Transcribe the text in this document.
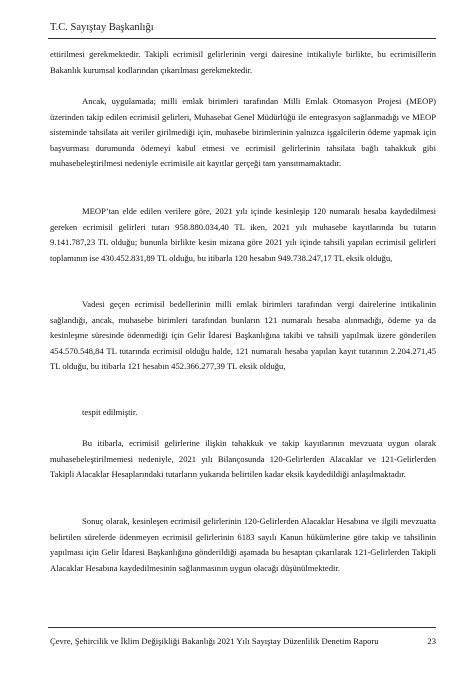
T.C. Sayıştay Başkanlığı

ettirilmesi gerekmektedir. Takipli ecrimisil gelirlerinin vergi dairesine intikaliyle birlikte, bu ecrimisillerin Bakanlık kurumsal kodlarından çıkarılması gerekmektedir.

Ancak, uygulamada; milli emlak birimleri tarafından Milli Emlak Otomasyon Projesi (MEOP) üzerinden takip edilen ecrimisil gelirleri, Muhasebat Genel Müdürlüğü ile entegrasyon sağlanmadığı ve MEOP sisteminde tahsilata ait veriler girilmediği için, muhasebe birimlerinin yalnızca işgalcilerin ödeme yapmak için başvurması durumunda ödemeyi kabul etmesi ve ecrimisil gelirlerinin tahsilata bağlı tahakkuk gibi muhasebeleştirilmesi nedeniyle ecrimisile ait kayıtlar gerçeği tam yansıtmamaktadır.

MEOP’tan elde edilen verilere göre, 2021 yılı içinde kesinleşip 120 numaralı hesaba kaydedilmesi gereken ecrimisil gelirleri tutarı 958.880.034,40 TL iken, 2021 yılı muhasebe kayıtlarında bu tutarın 9.141.787,23 TL olduğu; bununla birlikte kesin mizana göre 2021 yılı içinde tahsili yapılan ecrimisil gelirleri toplamının ise 430.452.831,89 TL olduğu, bu itibarla 120 hesabın 949.738.247,17 TL eksik olduğu,

Vadesi geçen ecrimisil bedellerinin milli emlak birimleri tarafından vergi dairelerine intikalinin sağlandığı, ancak, muhasebe birimleri tarafından bunların 121 numaralı hesaba alınmadığı, ödeme ya da kesinleşme süresinde ödenmediği için Gelir İdaresi Başkanlığına takibi ve tahsili yapılmak üzere gönderilen 454.570.548,84 TL tutarında ecrimisil olduğu halde, 121 numaralı hesaba yapılan kayıt tutarının 2.204.271,45 TL olduğu, bu itibarla 121 hesabın 452.366.277,39 TL eksik olduğu,

tespit edilmiştir.

Bu itibarla, ecrimisil gelirlerine ilişkin tahakkuk ve takip kayıtlarının mevzuata uygun olarak muhasebeleştirilmemesi nedeniyle, 2021 yılı Bilançosunda 120-Gelirlerden Alacaklar ve 121-Gelirlerden Takipli Alacaklar Hesaplarındaki tutarların yukarıda belirtilen kadar eksik kaydedildiği anlaşılmaktadır.

Sonuç olarak, kesinleşen ecrimisil gelirlerinin 120-Gelirlerden Alacaklar Hesabına ve ilgili mevzuatta belirtilen sürelerde ödenmeyen ecrimisil gelirlerinin 6183 sayılı Kanun hükümlerine göre takip ve tahsilinin yapılması için Gelir İdaresi Başkanlığına gönderildiği aşamada bu hesaptan çıkarılarak 121-Gelirlerden Takipli Alacaklar Hesabına kaydedilmesinin sağlanmasının uygun olacağı düşünülmektedir.

Çevre, Şehircilik ve İklim Değişikliği Bakanlığı 2021 Yılı Sayıştay Düzenlilik Denetim Raporu	23
